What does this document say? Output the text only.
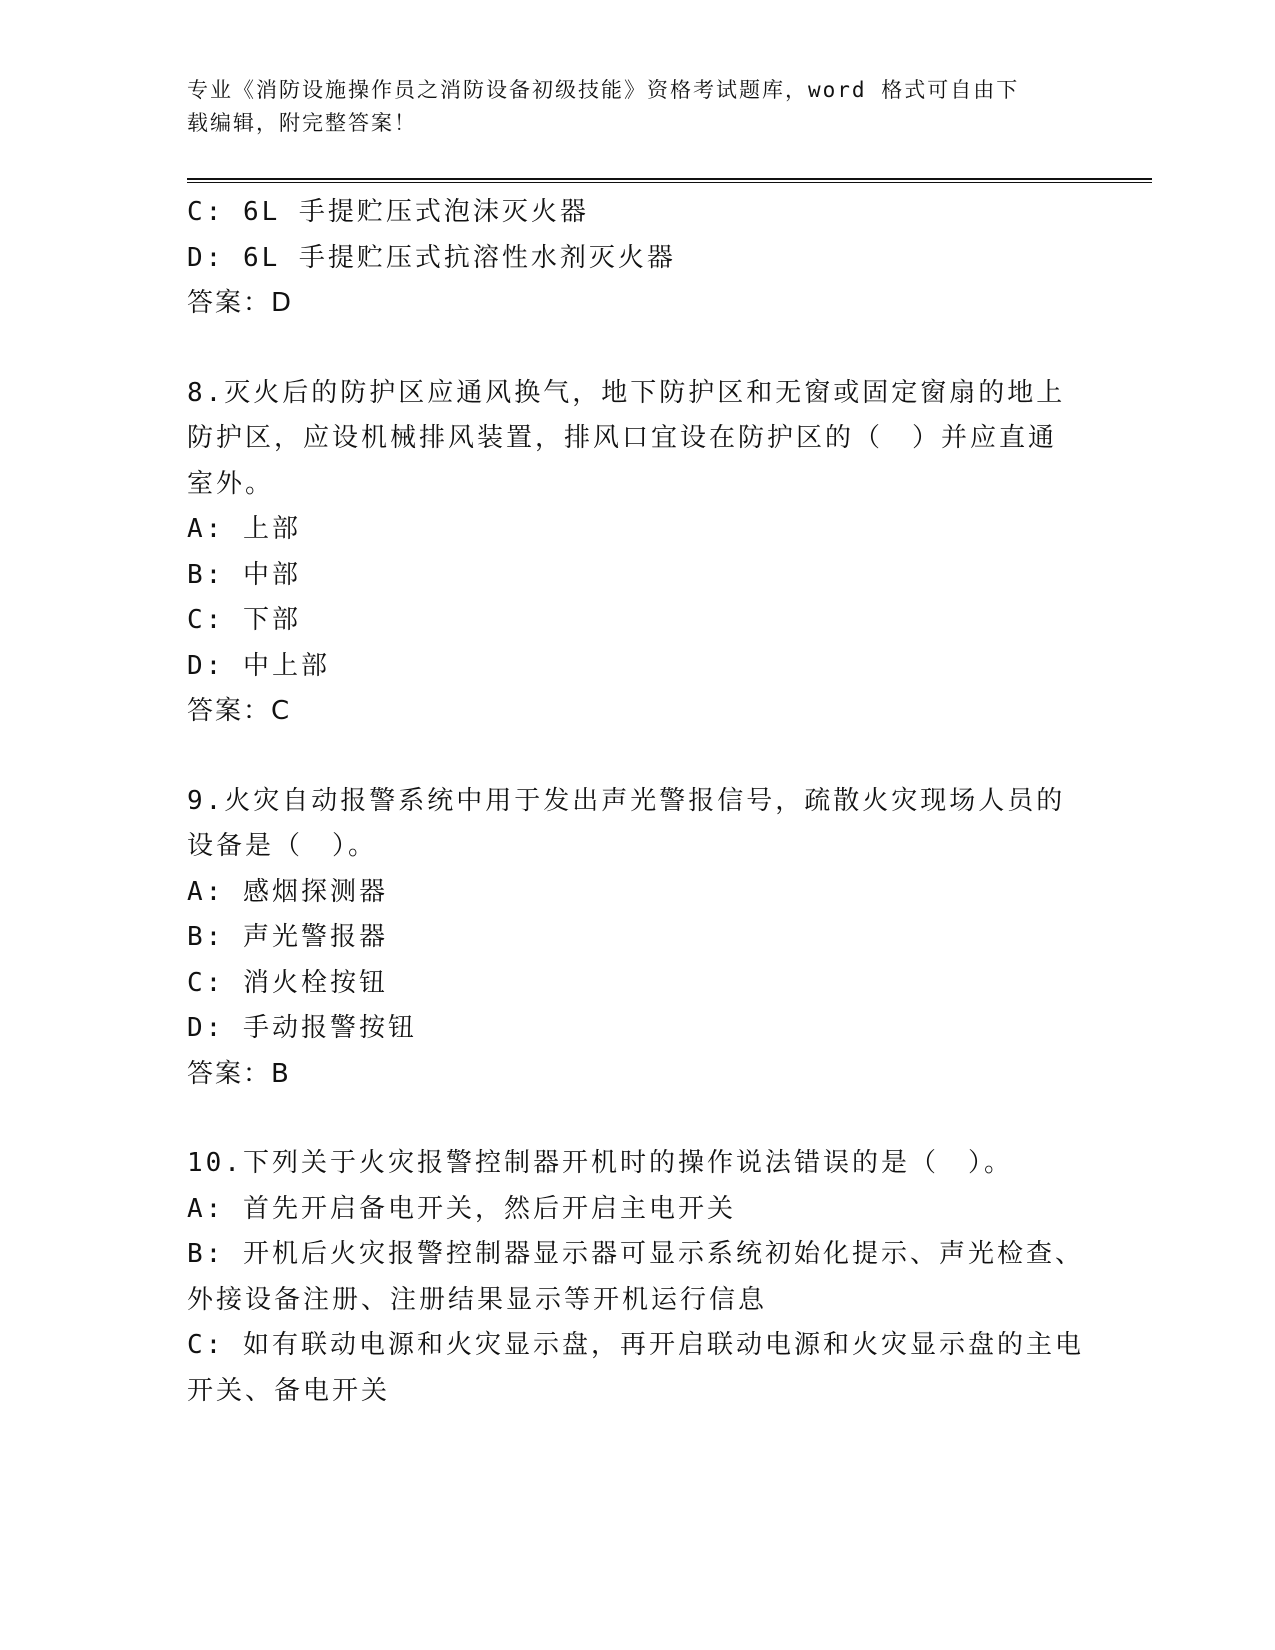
专业《消防设施操作员之消防设备初级技能》资格考试题库，word 格式可自由下
载编辑，附完整答案！
C: 6L 手提贮压式泡沫灭火器
D: 6L 手提贮压式抗溶性水剂灭火器
答案：D
8.灭火后的防护区应通风换气，地下防护区和无窗或固定窗扇的地上
防护区，应设机械排风装置，排风口宜设在防护区的（　）并应直通
室外。
A: 上部
B: 中部
C: 下部
D: 中上部
答案：C
9.火灾自动报警系统中用于发出声光警报信号，疏散火灾现场人员的
设备是（　）。
A: 感烟探测器
B: 声光警报器
C: 消火栓按钮
D: 手动报警按钮
答案：B
10.下列关于火灾报警控制器开机时的操作说法错误的是（　）。
A: 首先开启备电开关，然后开启主电开关
B: 开机后火灾报警控制器显示器可显示系统初始化提示、声光检查、
外接设备注册、注册结果显示等开机运行信息
C: 如有联动电源和火灾显示盘，再开启联动电源和火灾显示盘的主电
开关、备电开关
